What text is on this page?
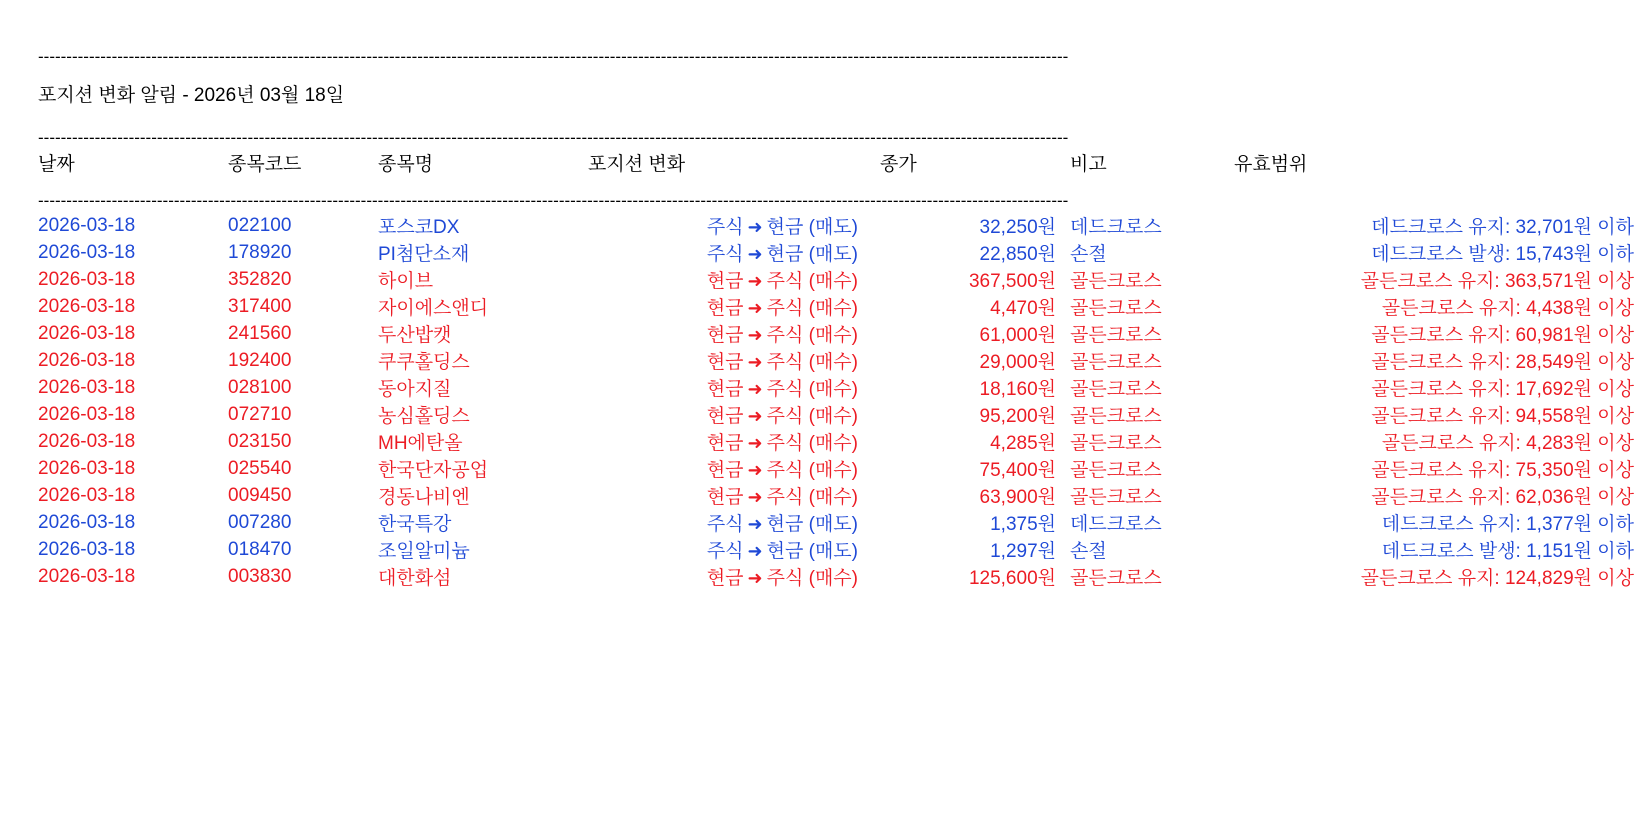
--------------------------------------------------------------------------------------------------------------------------------------------------------------------------------------
포지션 변화 알림 - 2026년 03월 18일
--------------------------------------------------------------------------------------------------------------------------------------------------------------------------------------
날짜	종목코드	종목명	포지션 변화	종가	비고	유효범위
--------------------------------------------------------------------------------------------------------------------------------------------------------------------------------------
2026-03-18	022100	포스코DX	주식 ➜ 현금 (매도)	32,250원	데드크로스	데드크로스 유지: 32,701원 이하
2026-03-18	178920	PI첨단소재	주식 ➜ 현금 (매도)	22,850원	손절	데드크로스 발생: 15,743원 이하
2026-03-18	352820	하이브	현금 ➜ 주식 (매수)	367,500원	골든크로스	골든크로스 유지: 363,571원 이상
2026-03-18	317400	자이에스앤디	현금 ➜ 주식 (매수)	4,470원	골든크로스	골든크로스 유지: 4,438원 이상
2026-03-18	241560	두산밥캣	현금 ➜ 주식 (매수)	61,000원	골든크로스	골든크로스 유지: 60,981원 이상
2026-03-18	192400	쿠쿠홀딩스	현금 ➜ 주식 (매수)	29,000원	골든크로스	골든크로스 유지: 28,549원 이상
2026-03-18	028100	동아지질	현금 ➜ 주식 (매수)	18,160원	골든크로스	골든크로스 유지: 17,692원 이상
2026-03-18	072710	농심홀딩스	현금 ➜ 주식 (매수)	95,200원	골든크로스	골든크로스 유지: 94,558원 이상
2026-03-18	023150	MH에탄올	현금 ➜ 주식 (매수)	4,285원	골든크로스	골든크로스 유지: 4,283원 이상
2026-03-18	025540	한국단자공업	현금 ➜ 주식 (매수)	75,400원	골든크로스	골든크로스 유지: 75,350원 이상
2026-03-18	009450	경동나비엔	현금 ➜ 주식 (매수)	63,900원	골든크로스	골든크로스 유지: 62,036원 이상
2026-03-18	007280	한국특강	주식 ➜ 현금 (매도)	1,375원	데드크로스	데드크로스 유지: 1,377원 이하
2026-03-18	018470	조일알미늄	주식 ➜ 현금 (매도)	1,297원	손절	데드크로스 발생: 1,151원 이하
2026-03-18	003830	대한화섬	현금 ➜ 주식 (매수)	125,600원	골든크로스	골든크로스 유지: 124,829원 이상
